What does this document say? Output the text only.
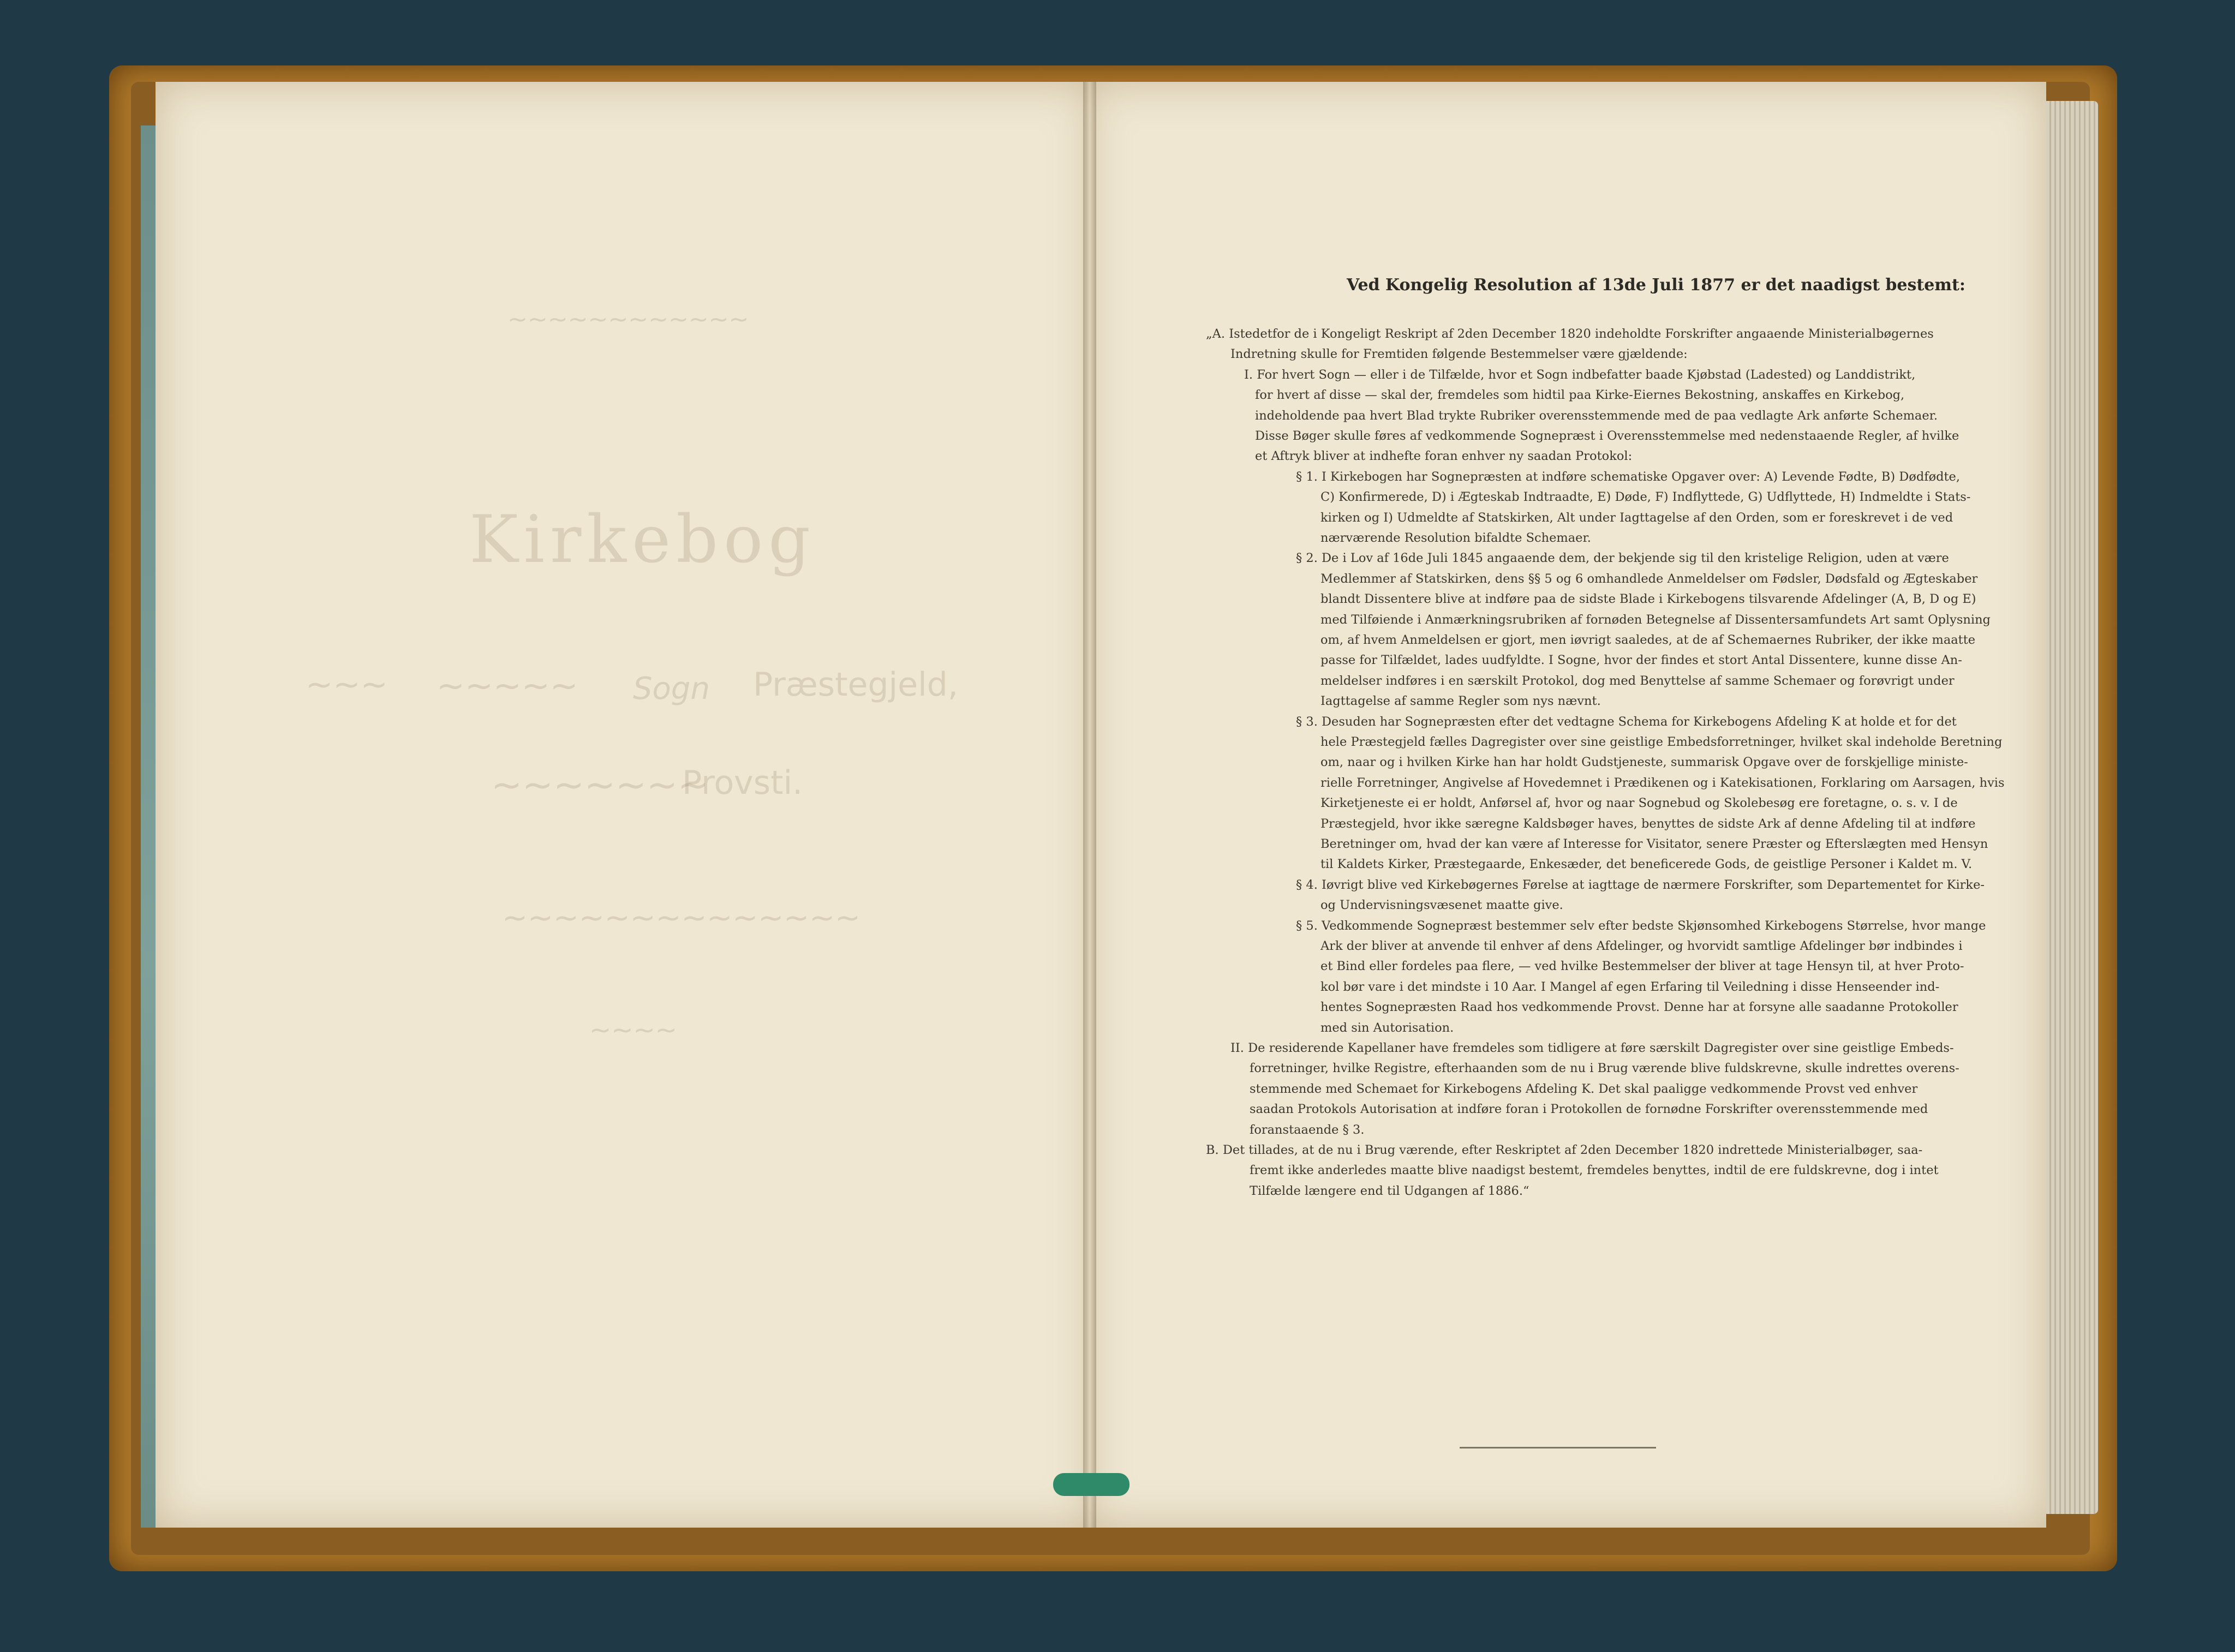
~~~~~~~~~~~~
Kirkebog
~~~ ~~~~~ Sogn Præstegjeld,
~~~~~~~
Provsti.
~~~~~~~~~~~~~~
~~~~
Ved Kongelig Resolution af 13de Juli 1877 er det naadigst bestemt:
„A. Istedetfor de i Kongeligt Reskript af 2den December 1820 indeholdte Forskrifter angaaende Ministerialbøgernes
Indretning skulle for Fremtiden følgende Bestemmelser være gjældende:
I. For hvert Sogn — eller i de Tilfælde, hvor et Sogn indbefatter baade Kjøbstad (Ladested) og Landdistrikt,
for hvert af disse — skal der, fremdeles som hidtil paa Kirke-Eiernes Bekostning, anskaffes en Kirkebog,
indeholdende paa hvert Blad trykte Rubriker overensstemmende med de paa vedlagte Ark anførte Schemaer.
Disse Bøger skulle føres af vedkommende Sognepræst i Overensstemmelse med nedenstaaende Regler, af hvilke
et Aftryk bliver at indhefte foran enhver ny saadan Protokol:
§ 1. I Kirkebogen har Sognepræsten at indføre schematiske Opgaver over: A) Levende Fødte, B) Dødfødte,
C) Konfirmerede, D) i Ægteskab Indtraadte, E) Døde, F) Indflyttede, G) Udflyttede, H) Indmeldte i Stats-
kirken og I) Udmeldte af Statskirken, Alt under Iagttagelse af den Orden, som er foreskrevet i de ved
nærværende Resolution bifaldte Schemaer.
§ 2. De i Lov af 16de Juli 1845 angaaende dem, der bekjende sig til den kristelige Religion, uden at være
Medlemmer af Statskirken, dens §§ 5 og 6 omhandlede Anmeldelser om Fødsler, Dødsfald og Ægteskaber
blandt Dissentere blive at indføre paa de sidste Blade i Kirkebogens tilsvarende Afdelinger (A, B, D og E)
med Tilføiende i Anmærkningsrubriken af fornøden Betegnelse af Dissentersamfundets Art samt Oplysning
om, af hvem Anmeldelsen er gjort, men iøvrigt saaledes, at de af Schemaernes Rubriker, der ikke maatte
passe for Tilfældet, lades uudfyldte. I Sogne, hvor der findes et stort Antal Dissentere, kunne disse An-
meldelser indføres i en særskilt Protokol, dog med Benyttelse af samme Schemaer og forøvrigt under
Iagttagelse af samme Regler som nys nævnt.
§ 3. Desuden har Sognepræsten efter det vedtagne Schema for Kirkebogens Afdeling K at holde et for det
hele Præstegjeld fælles Dagregister over sine geistlige Embedsforretninger, hvilket skal indeholde Beretning
om, naar og i hvilken Kirke han har holdt Gudstjeneste, summarisk Opgave over de forskjellige ministe-
rielle Forretninger, Angivelse af Hovedemnet i Prædikenen og i Katekisationen, Forklaring om Aarsagen, hvis
Kirketjeneste ei er holdt, Anførsel af, hvor og naar Sognebud og Skolebesøg ere foretagne, o. s. v. I de
Præstegjeld, hvor ikke særegne Kaldsbøger haves, benyttes de sidste Ark af denne Afdeling til at indføre
Beretninger om, hvad der kan være af Interesse for Visitator, senere Præster og Efterslægten med Hensyn
til Kaldets Kirker, Præstegaarde, Enkesæder, det beneficerede Gods, de geistlige Personer i Kaldet m. V.
§ 4. Iøvrigt blive ved Kirkebøgernes Førelse at iagttage de nærmere Forskrifter, som Departementet for Kirke-
og Undervisningsvæsenet maatte give.
§ 5. Vedkommende Sognepræst bestemmer selv efter bedste Skjønsomhed Kirkebogens Størrelse, hvor mange
Ark der bliver at anvende til enhver af dens Afdelinger, og hvorvidt samtlige Afdelinger bør indbindes i
et Bind eller fordeles paa flere, — ved hvilke Bestemmelser der bliver at tage Hensyn til, at hver Proto-
kol bør vare i det mindste i 10 Aar. I Mangel af egen Erfaring til Veiledning i disse Henseender ind-
hentes Sognepræsten Raad hos vedkommende Provst. Denne har at forsyne alle saadanne Protokoller
med sin Autorisation.
II. De residerende Kapellaner have fremdeles som tidligere at føre særskilt Dagregister over sine geistlige Embeds-
forretninger, hvilke Registre, efterhaanden som de nu i Brug værende blive fuldskrevne, skulle indrettes overens-
stemmende med Schemaet for Kirkebogens Afdeling K. Det skal paaligge vedkommende Provst ved enhver
saadan Protokols Autorisation at indføre foran i Protokollen de fornødne Forskrifter overensstemmende med
foranstaaende § 3.
B. Det tillades, at de nu i Brug værende, efter Reskriptet af 2den December 1820 indrettede Ministerialbøger, saa-
fremt ikke anderledes maatte blive naadigst bestemt, fremdeles benyttes, indtil de ere fuldskrevne, dog i intet
Tilfælde længere end til Udgangen af 1886.“
